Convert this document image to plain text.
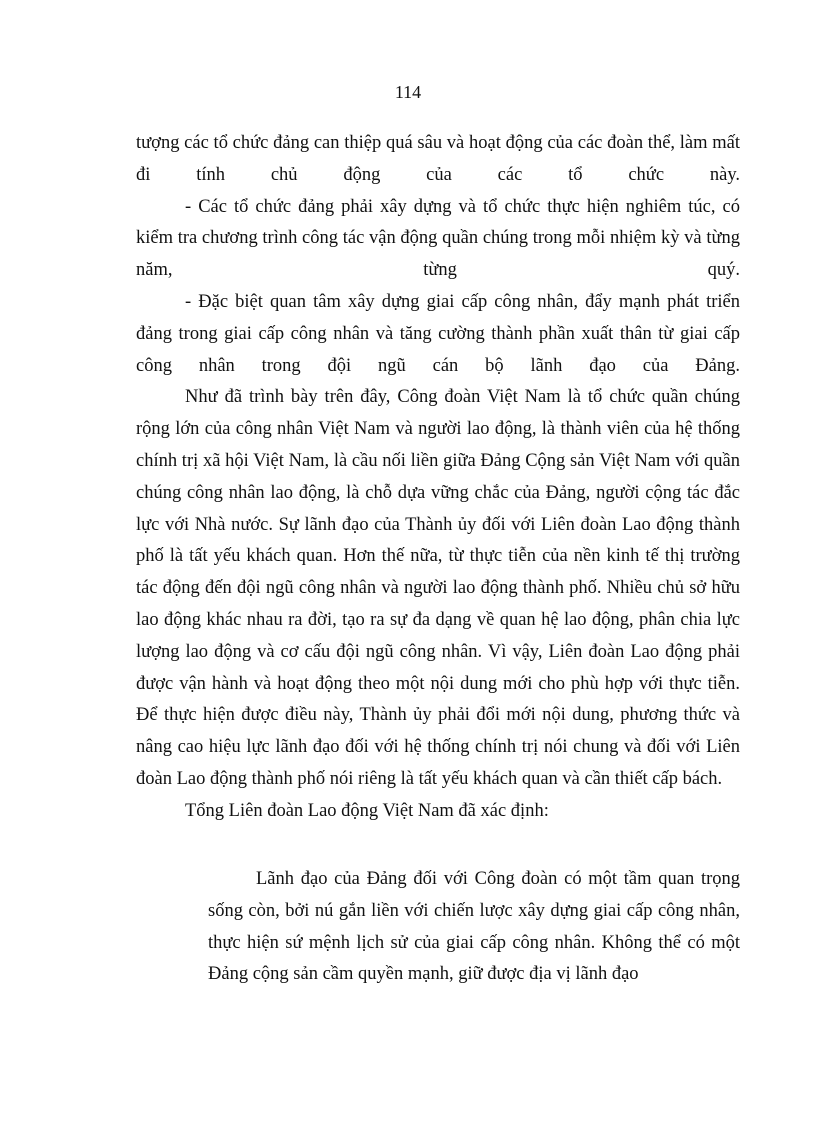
114

tượng các tổ chức đảng can thiệp quá sâu và hoạt động của các đoàn thể, làm mất đi tính chủ động của các tổ chức này.

- Các tổ chức đảng phải xây dựng và tổ chức thực hiện nghiêm túc, có kiểm tra chương trình công tác vận động quần chúng trong mỗi nhiệm kỳ và từng năm, từng quý.

- Đặc biệt quan tâm xây dựng giai cấp công nhân, đẩy mạnh phát triển đảng trong giai cấp công nhân và tăng cường thành phần xuất thân từ giai cấp công nhân trong đội ngũ cán bộ lãnh đạo của Đảng.

Như đã trình bày trên đây, Công đoàn Việt Nam là tổ chức quần chúng rộng lớn của công nhân Việt Nam và người lao động, là thành viên của hệ thống chính trị xã hội Việt Nam, là cầu nối liền giữa Đảng Cộng sản Việt Nam với quần chúng công nhân lao động, là chỗ dựa vững chắc của Đảng, người cộng tác đắc lực với Nhà nước. Sự lãnh đạo của Thành ủy đối với Liên đoàn Lao động thành phố là tất yếu khách quan. Hơn thế nữa, từ thực tiễn của nền kinh tế thị trường tác động đến đội ngũ công nhân và người lao động thành phố. Nhiều chủ sở hữu lao động khác nhau ra đời, tạo ra sự đa dạng về quan hệ lao động, phân chia lực lượng lao động và cơ cấu đội ngũ công nhân. Vì vậy, Liên đoàn Lao động phải được vận hành và hoạt động theo một nội dung mới cho phù hợp với thực tiễn. Để thực hiện được điều này, Thành ủy phải đổi mới nội dung, phương thức và nâng cao hiệu lực lãnh đạo đối với hệ thống chính trị nói chung và đối với Liên đoàn Lao động thành phố nói riêng là tất yếu khách quan và cần thiết cấp bách.

Tổng Liên đoàn Lao động Việt Nam đã xác định:

Lãnh đạo của Đảng đối với Công đoàn có một tầm quan trọng sống còn, bởi nú gắn liền với chiến lược xây dựng giai cấp công nhân, thực hiện sứ mệnh lịch sử của giai cấp công nhân. Không thể có một Đảng cộng sản cầm quyền mạnh, giữ được địa vị lãnh đạo
